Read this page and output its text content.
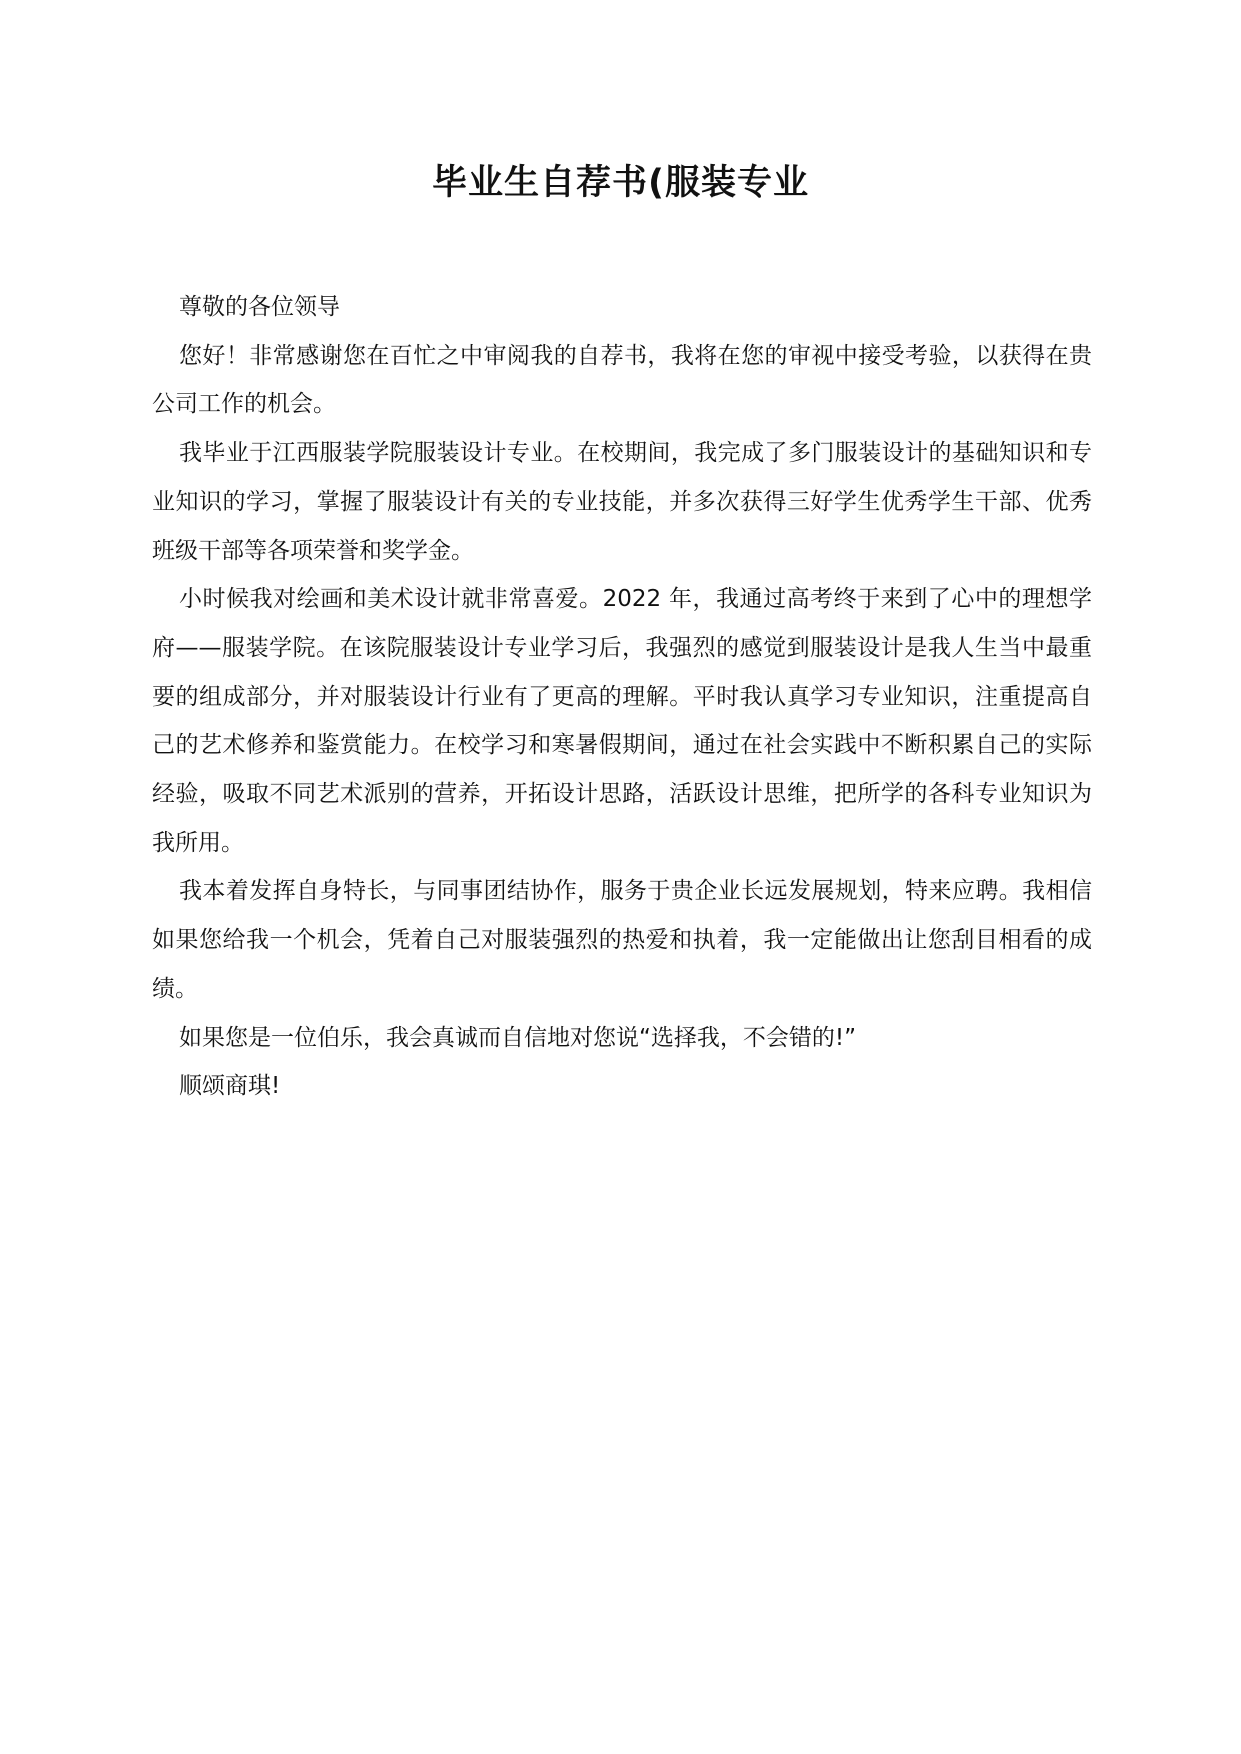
毕业生自荐书(服装专业

尊敬的各位领导

您好！非常感谢您在百忙之中审阅我的自荐书，我将在您的审视中接受考验，以获得在贵公司工作的机会。

我毕业于江西服装学院服装设计专业。在校期间，我完成了多门服装设计的基础知识和专业知识的学习，掌握了服装设计有关的专业技能，并多次获得三好学生优秀学生干部、优秀班级干部等各项荣誉和奖学金。

小时候我对绘画和美术设计就非常喜爱。2022 年，我通过高考终于来到了心中的理想学府——服装学院。在该院服装设计专业学习后，我强烈的感觉到服装设计是我人生当中最重要的组成部分，并对服装设计行业有了更高的理解。平时我认真学习专业知识，注重提高自己的艺术修养和鉴赏能力。在校学习和寒暑假期间，通过在社会实践中不断积累自己的实际经验，吸取不同艺术派别的营养，开拓设计思路，活跃设计思维，把所学的各科专业知识为我所用。

我本着发挥自身特长，与同事团结协作，服务于贵企业长远发展规划，特来应聘。我相信如果您给我一个机会，凭着自己对服装强烈的热爱和执着，我一定能做出让您刮目相看的成绩。

如果您是一位伯乐，我会真诚而自信地对您说“选择我，不会错的!”

顺颂商琪!
